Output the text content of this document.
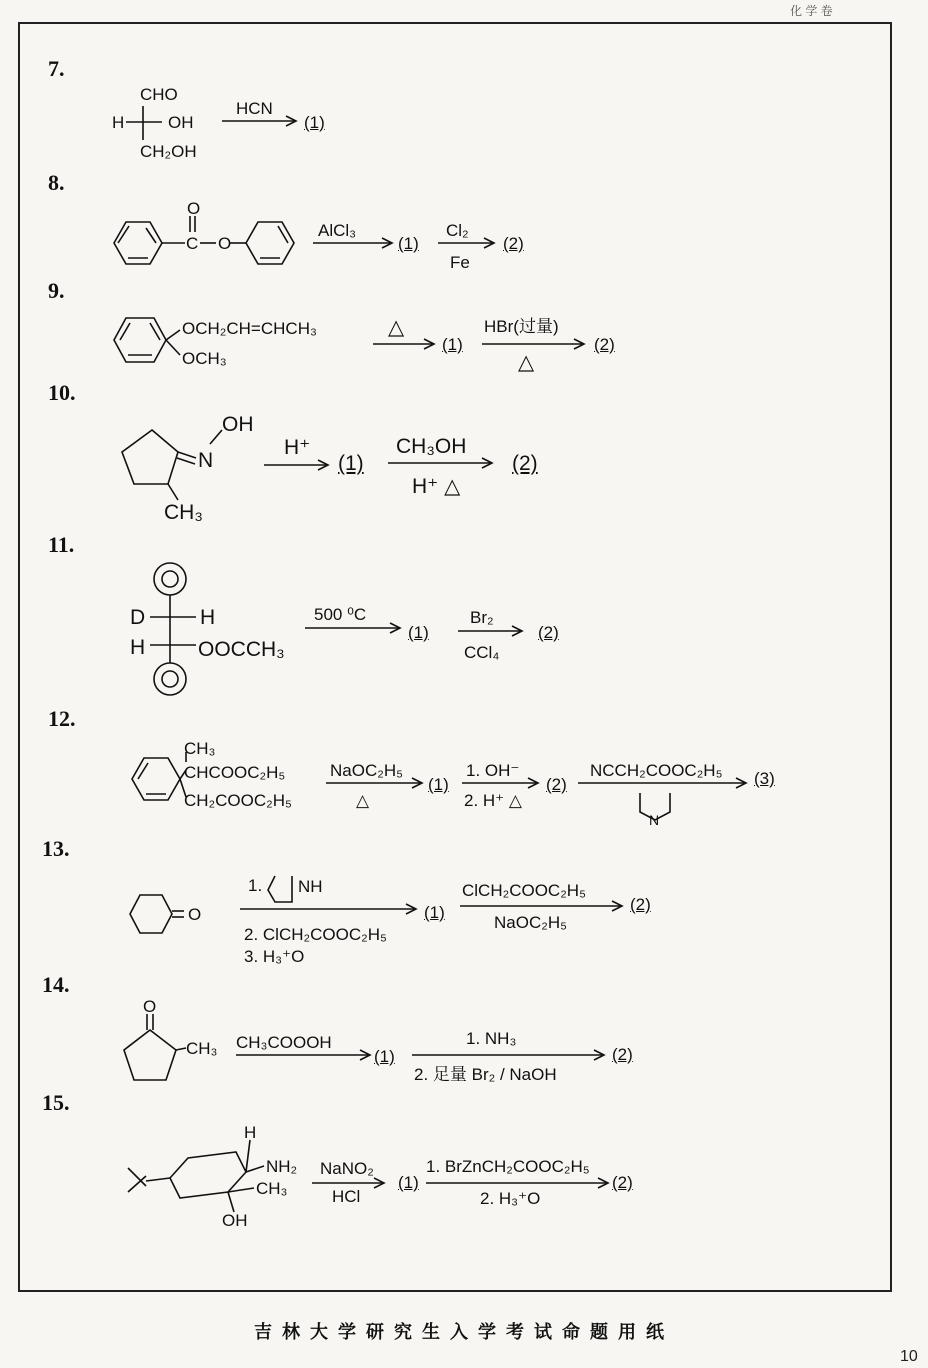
化 学 卷
7.
CHO
H	OH
CH₂OH
HCN
(1)
8.
O
C O
AlCl₃
(1)
Cl₂
Fe
(2)
9.
OCH₂CH=CHCH₃
OCH₃
△
(1)
HBr(过量)
△
(2)
10.
OH
N
CH₃
H⁺
(1)
CH₃OH
H⁺ △
(2)
11.
D	H
H	OOCCH₃
500 ⁰C
(1)
Br₂
CCl₄
(2)
12.
CH₃
CHCOOC₂H₅
CH₂COOC₂H₅
NaOC₂H₅
△
(1)
1. OH⁻
2. H⁺ △
(2)
NCCH₂COOC₂H₅
N
(3)
13.
O
1. NH
2. ClCH₂COOC₂H₅
3. H₃⁺O
(1)
ClCH₂COOC₂H₅
NaOC₂H₅
(2)
14.
O
CH₃ CH₃COOOH
(1)
1. NH₃
2. 足量 Br₂ / NaOH
(2)
15.
H
NH₂
CH₃
OH
NaNO₂
HCl
(1)
1. BrZnCH₂COOC₂H₅
2. H₃⁺O
(2)
吉林大学研究生入学考试命题用纸
10
